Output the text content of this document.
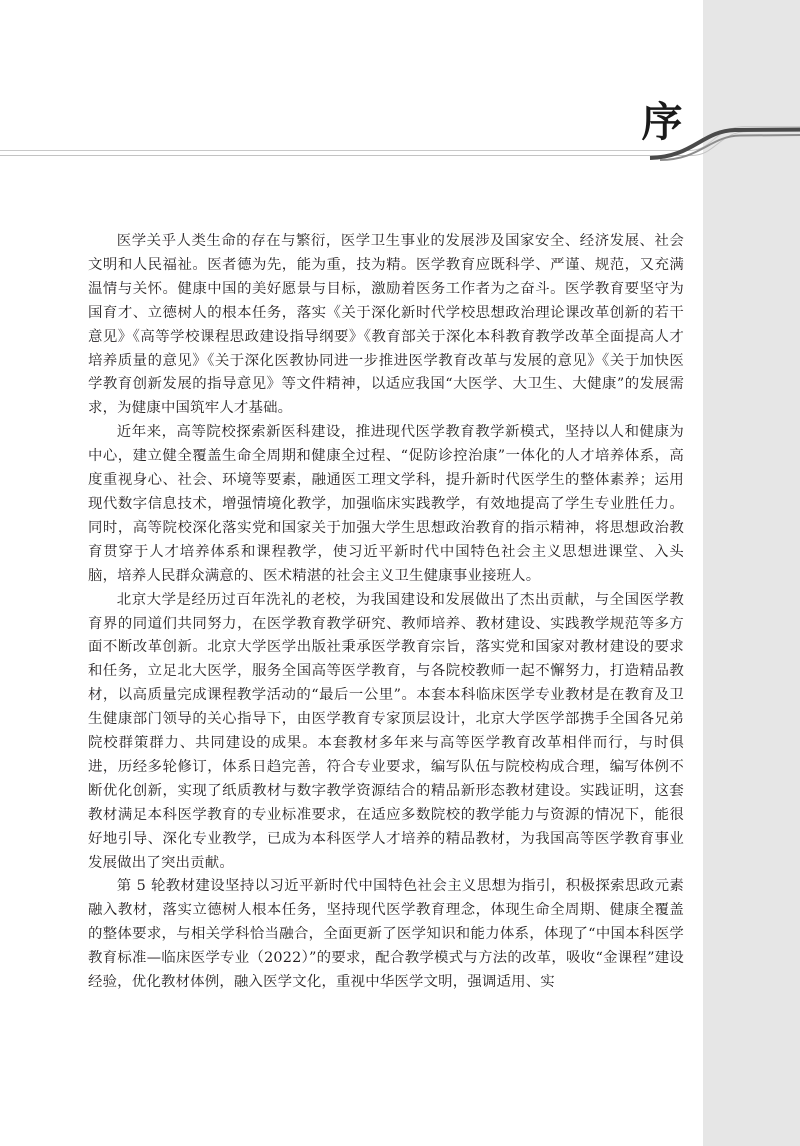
序

医学关乎人类生命的存在与繁衍，医学卫生事业的发展涉及国家安全、经济发展、社会文明和人民福祉。医者德为先，能为重，技为精。医学教育应既科学、严谨、规范，又充满温情与关怀。健康中国的美好愿景与目标，激励着医务工作者为之奋斗。医学教育要坚守为国育才、立德树人的根本任务，落实《关于深化新时代学校思想政治理论课改革创新的若干意见》《高等学校课程思政建设指导纲要》《教育部关于深化本科教育教学改革全面提高人才培养质量的意见》《关于深化医教协同进一步推进医学教育改革与发展的意见》《关于加快医学教育创新发展的指导意见》等文件精神，以适应我国“大医学、大卫生、大健康”的发展需求，为健康中国筑牢人才基础。

近年来，高等院校探索新医科建设，推进现代医学教育教学新模式，坚持以人和健康为中心，建立健全覆盖生命全周期和健康全过程、“促防诊控治康”一体化的人才培养体系，高度重视身心、社会、环境等要素，融通医工理文学科，提升新时代医学生的整体素养；运用现代数字信息技术，增强情境化教学，加强临床实践教学，有效地提高了学生专业胜任力。同时，高等院校深化落实党和国家关于加强大学生思想政治教育的指示精神，将思想政治教育贯穿于人才培养体系和课程教学，使习近平新时代中国特色社会主义思想进课堂、入头脑，培养人民群众满意的、医术精湛的社会主义卫生健康事业接班人。

北京大学是经历过百年洗礼的老校，为我国建设和发展做出了杰出贡献，与全国医学教育界的同道们共同努力，在医学教育教学研究、教师培养、教材建设、实践教学规范等多方面不断改革创新。北京大学医学出版社秉承医学教育宗旨，落实党和国家对教材建设的要求和任务，立足北大医学，服务全国高等医学教育，与各院校教师一起不懈努力，打造精品教材，以高质量完成课程教学活动的“最后一公里”。本套本科临床医学专业教材是在教育及卫生健康部门领导的关心指导下，由医学教育专家顶层设计，北京大学医学部携手全国各兄弟院校群策群力、共同建设的成果。本套教材多年来与高等医学教育改革相伴而行，与时俱进，历经多轮修订，体系日趋完善，符合专业要求，编写队伍与院校构成合理，编写体例不断优化创新，实现了纸质教材与数字教学资源结合的精品新形态教材建设。实践证明，这套教材满足本科医学教育的专业标准要求，在适应多数院校的教学能力与资源的情况下，能很好地引导、深化专业教学，已成为本科医学人才培养的精品教材，为我国高等医学教育事业发展做出了突出贡献。

第 5 轮教材建设坚持以习近平新时代中国特色社会主义思想为指引，积极探索思政元素融入教材，落实立德树人根本任务，坚持现代医学教育理念，体现生命全周期、健康全覆盖的整体要求，与相关学科恰当融合，全面更新了医学知识和能力体系，体现了“中国本科医学教育标准—临床医学专业（2022）”的要求，配合教学模式与方法的改革，吸收“金课程”建设经验，优化教材体例，融入医学文化，重视中华医学文明，强调适用、实
